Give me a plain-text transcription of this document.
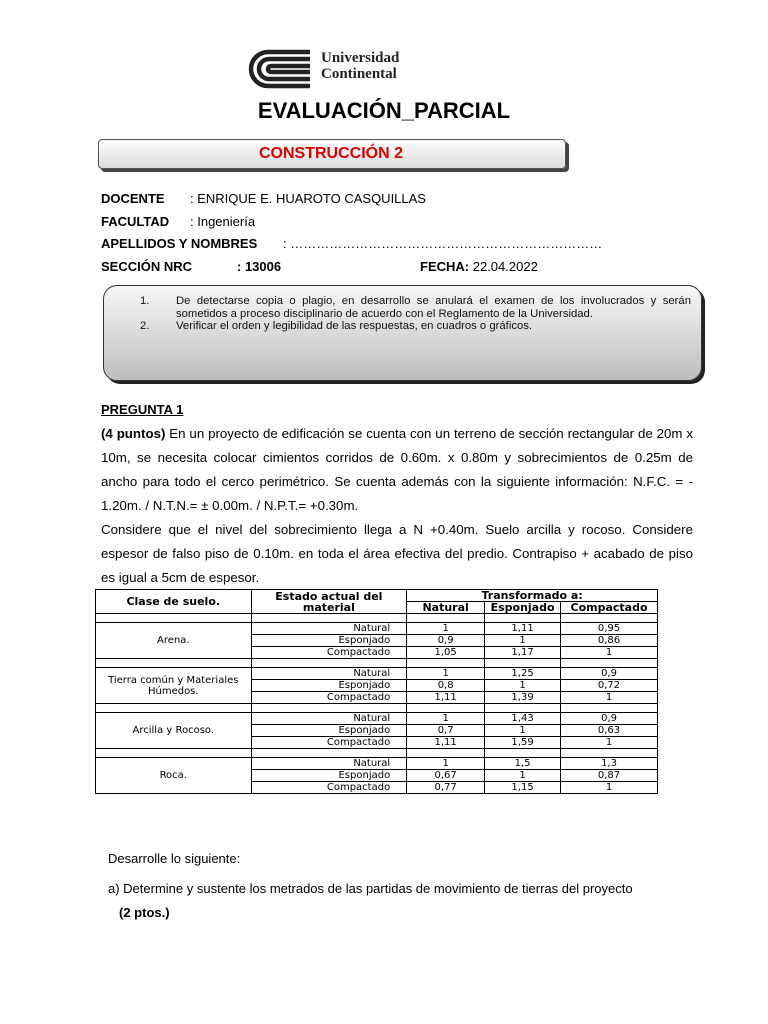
Universidad
Continental
EVALUACIÓN_PARCIAL
CONSTRUCCIÓN 2
DOCENTE : ENRIQUE E. HUAROTO CASQUILLAS
FACULTAD : Ingeniería
APELLIDOS Y NOMBRES : ………………………………………………………………
SECCIÓN NRC	: 13006	FECHA: 22.04.2022
1. De detectarse copia o plagio, en desarrollo se anulará el examen de los involucrados y serán sometidos a proceso disciplinario de acuerdo con el Reglamento de la Universidad.
2. Verificar el orden y legibilidad de las respuestas, en cuadros o gráficos.
PREGUNTA 1
(4 puntos) En un proyecto de edificación se cuenta con un terreno de sección rectangular de 20m x 10m, se necesita colocar cimientos corridos de 0.60m. x 0.80m y sobrecimientos de 0.25m de ancho para todo el cerco perimétrico. Se cuenta además con la siguiente información: N.F.C. = - 1.20m. / N.T.N.= ± 0.00m. / N.P.T.= +0.30m.
Considere que el nivel del sobrecimiento llega a N +0.40m. Suelo arcilla y rocoso. Considere espesor de falso piso de 0.10m. en toda el área efectiva del predio. Contrapiso + acabado de piso es igual a 5cm de espesor.
Clase de suelo.	Estado actual del material	Transformado a:		
		Natural	Esponjado	Compactado

Arena.	Natural	1	1,11	0,95
	Esponjado	0,9	1	0,86
	Compactado	1,05	1,17	1

Tierra común y Materiales Húmedos.	Natural	1	1,25	0,9
	Esponjado	0,8	1	0,72
	Compactado	1,11	1,39	1

Arcilla y Rocoso.	Natural	1	1,43	0,9
	Esponjado	0,7	1	0,63
	Compactado	1,11	1,59	1

Roca.	Natural	1	1,5	1,3
	Esponjado	0,67	1	0,87
	Compactado	0,77	1,15	1
Desarrolle lo siguiente:
a) Determine y sustente los metrados de las partidas de movimiento de tierras del proyecto
(2 ptos.)
